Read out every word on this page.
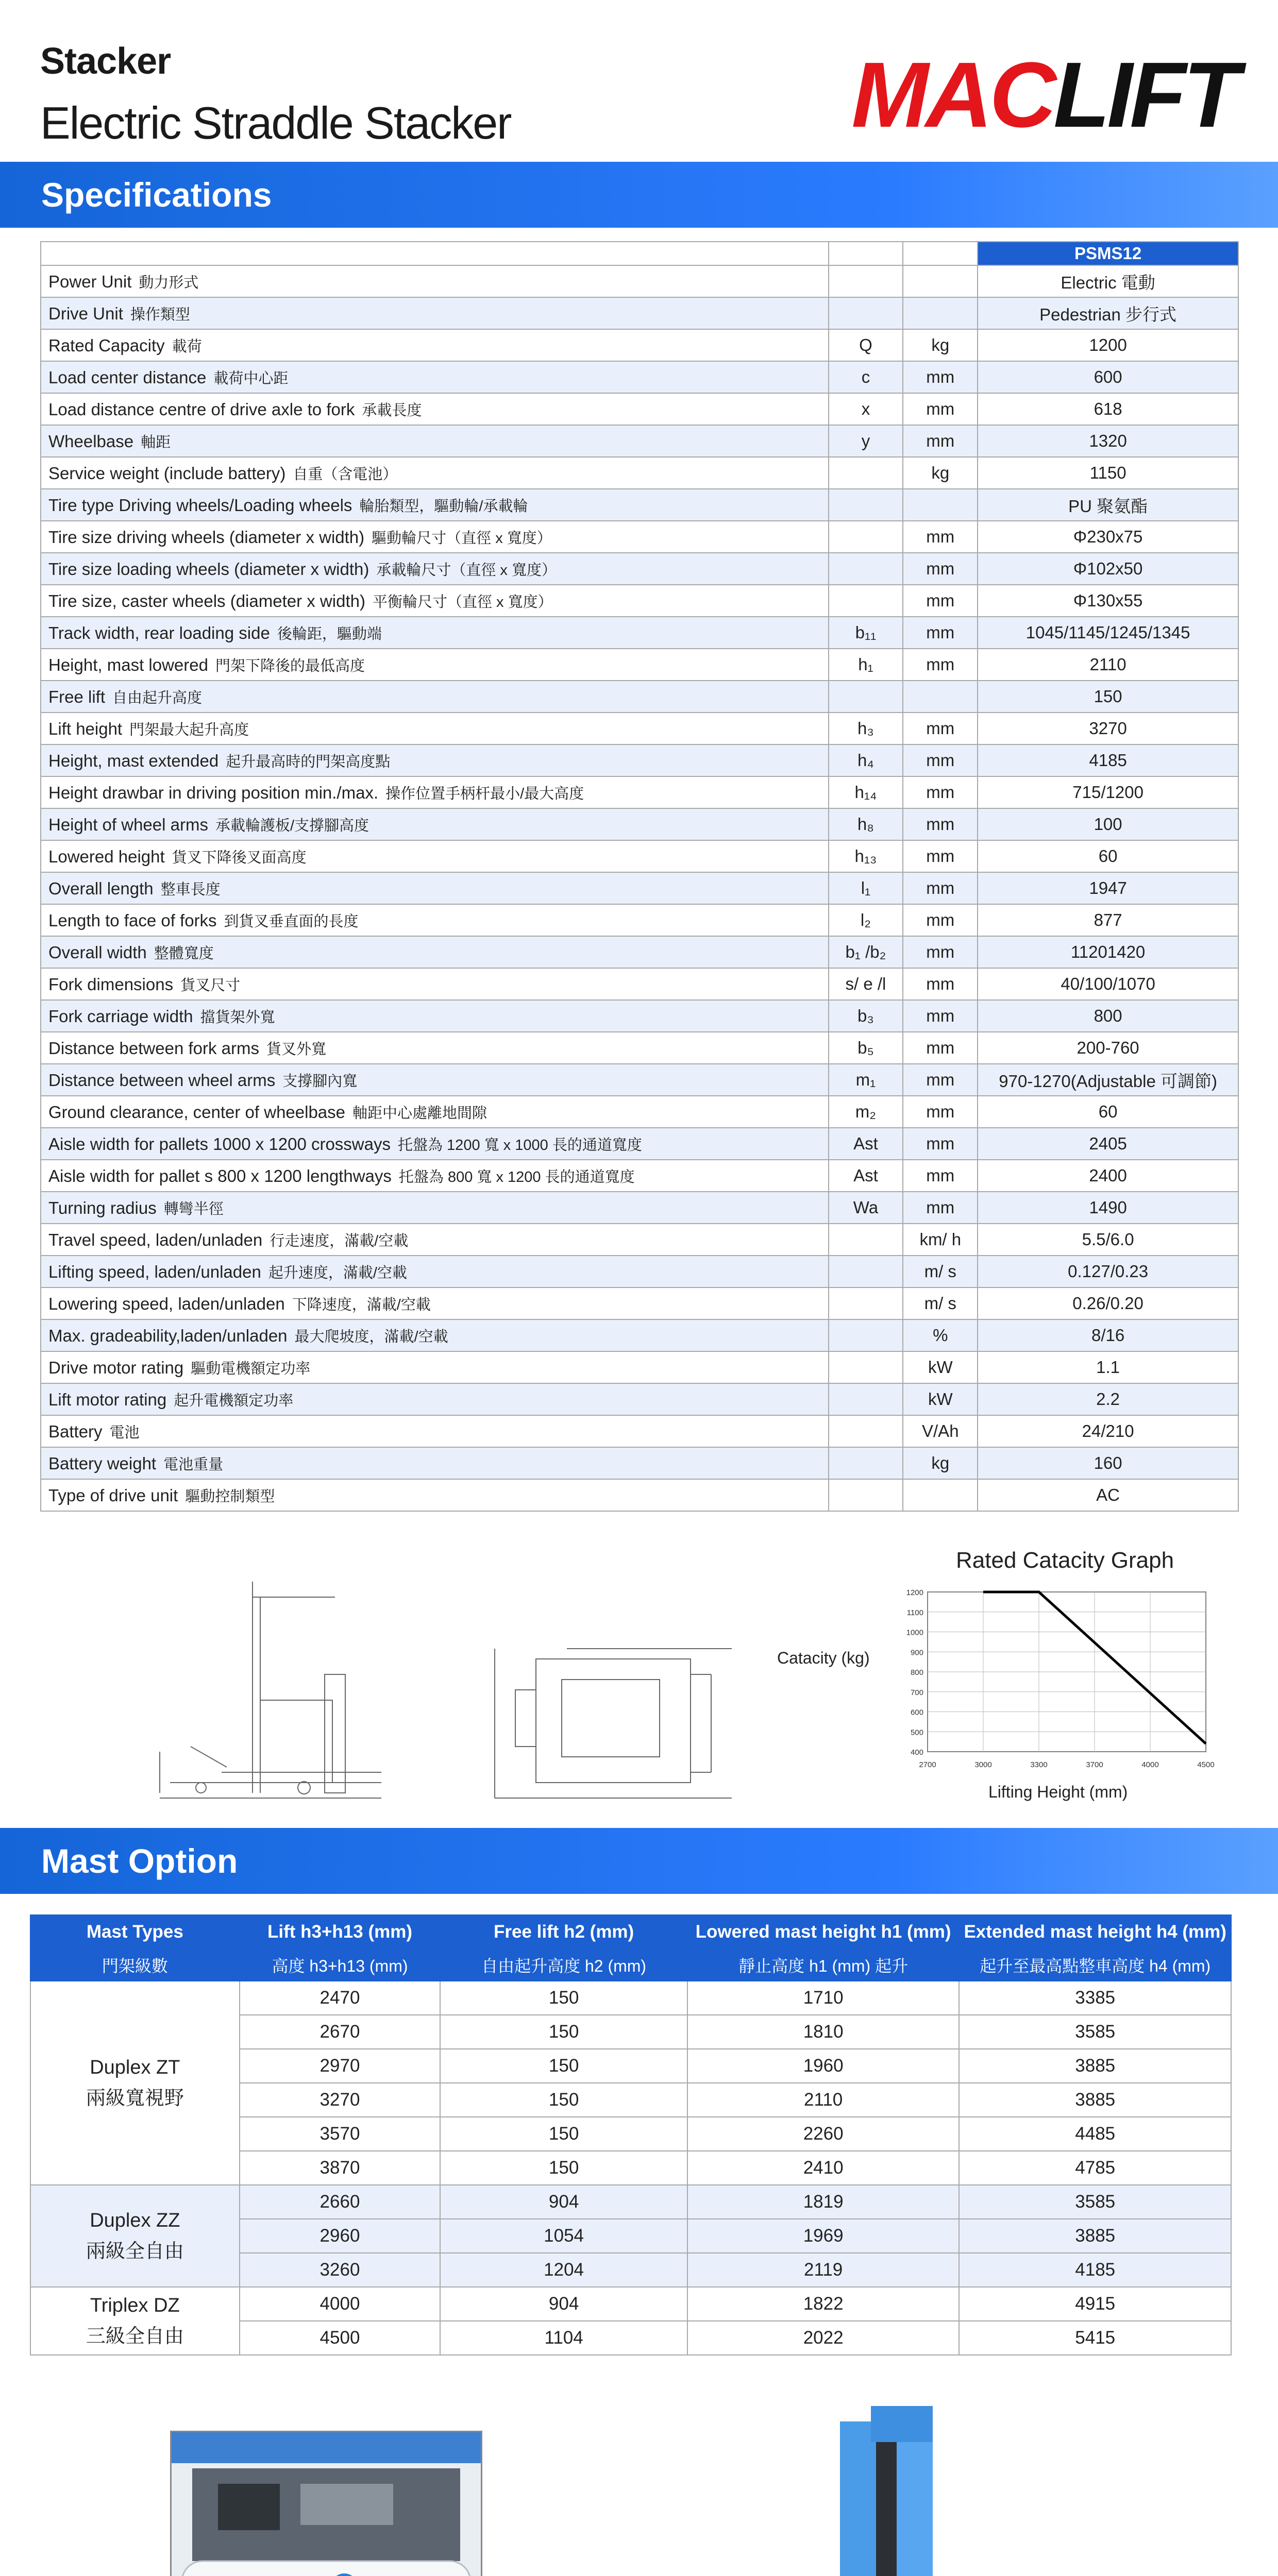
Stacker
Electric Straddle Stacker	MACLIFT
Specifications
			PSMS12
Power Unit 動力形式			Electric 電動
Drive Unit 操作類型			Pedestrian 步行式
Rated Capacity 載荷	Q	kg	1200
Load center distance 載荷中心距	c	mm	600
Load distance centre of drive axle to fork 承載長度	x	mm	618
Wheelbase 軸距	y	mm	1320
Service weight (include battery) 自重（含電池）		kg	1150
Tire type Driving wheels/Loading wheels 輪胎類型，驅動輪/承載輪			PU 聚氨酯
Tire size driving wheels (diameter x width) 驅動輪尺寸（直徑 x 寬度）		mm	Φ230x75
Tire size loading wheels (diameter x width) 承載輪尺寸（直徑 x 寬度）		mm	Φ102x50
Tire size, caster wheels (diameter x width) 平衡輪尺寸（直徑 x 寬度）		mm	Φ130x55
Track width, rear loading side 後輪距，驅動端	b₁₁	mm	1045/1145/1245/1345
Height, mast lowered 門架下降後的最低高度	h₁	mm	2110
Free lift 自由起升高度			150
Lift height 門架最大起升高度	h₃	mm	3270
Height, mast extended 起升最高時的門架高度點	h₄	mm	4185
Height drawbar in driving position min./max. 操作位置手柄杆最小/最大高度	h₁₄	mm	715/1200
Height of wheel arms 承載輪護板/支撐腳高度	h₈	mm	100
Lowered height 貨叉下降後叉面高度	h₁₃	mm	60
Overall length 整車長度	l₁	mm	1947
Length to face of forks 到貨叉垂直面的長度	l₂	mm	877
Overall width 整體寬度	b₁ /b₂	mm	11201420
Fork dimensions 貨叉尺寸	s/ e /l	mm	40/100/1070
Fork carriage width 擋貨架外寬	b₃	mm	800
Distance between fork arms 貨叉外寬	b₅	mm	200-760
Distance between wheel arms 支撐腳內寬	m₁	mm	970-1270(Adjustable 可調節)
Ground clearance, center of wheelbase 軸距中心處離地間隙	m₂	mm	60
Aisle width for pallets 1000 x 1200 crossways 托盤為 1200 寬 x 1000 長的通道寬度	Ast	mm	2405
Aisle width for pallet s 800 x 1200 lengthways 托盤為 800 寬 x 1200 長的通道寬度	Ast	mm	2400
Turning radius 轉彎半徑	Wa	mm	1490
Travel speed, laden/unladen 行走速度，滿載/空載		km/ h	5.5/6.0
Lifting speed, laden/unladen 起升速度，滿載/空載		m/ s	0.127/0.23
Lowering speed, laden/unladen 下降速度，滿載/空載		m/ s	0.26/0.20
Max. gradeability,laden/unladen 最大爬坡度，滿載/空載		%	8/16
Drive motor rating 驅動電機額定功率		kW	1.1
Lift motor rating 起升電機額定功率		kW	2.2
Battery 電池		V/Ah	24/210
Battery weight 電池重量		kg	160
Type of drive unit 驅動控制類型			AC
Rated Catacity Graph
Catacity (kg)
Lifting Height (mm)
1200
1100
1000
900
800
700
600
500
400
2700	3000	3300	3700	4000	4500
Mast Option
Mast Types	Lift h3+h13 (mm)	Free lift h2 (mm)	Lowered mast height h1 (mm)	Extended mast height h4 (mm)
門架級數	高度 h3+h13 (mm)	自由起升高度 h2 (mm)	靜止高度 h1 (mm) 起升	起升至最高點整車高度 h4 (mm)

Duplex ZT
兩級寬視野	2470	150	1710	3385
	2670	150	1810	3585
	2970	150	1960	3885
	3270	150	2110	3885
	3570	150	2260	4485
	3870	150	2410	4785

Duplex ZZ
兩級全自由	2660	904	1819	3585
	2960	1054	1969	3885
	3260	1204	2119	4185

Triplex DZ
三級全自由	4000	904	1822	4915
	4500	1104	2022	5415
